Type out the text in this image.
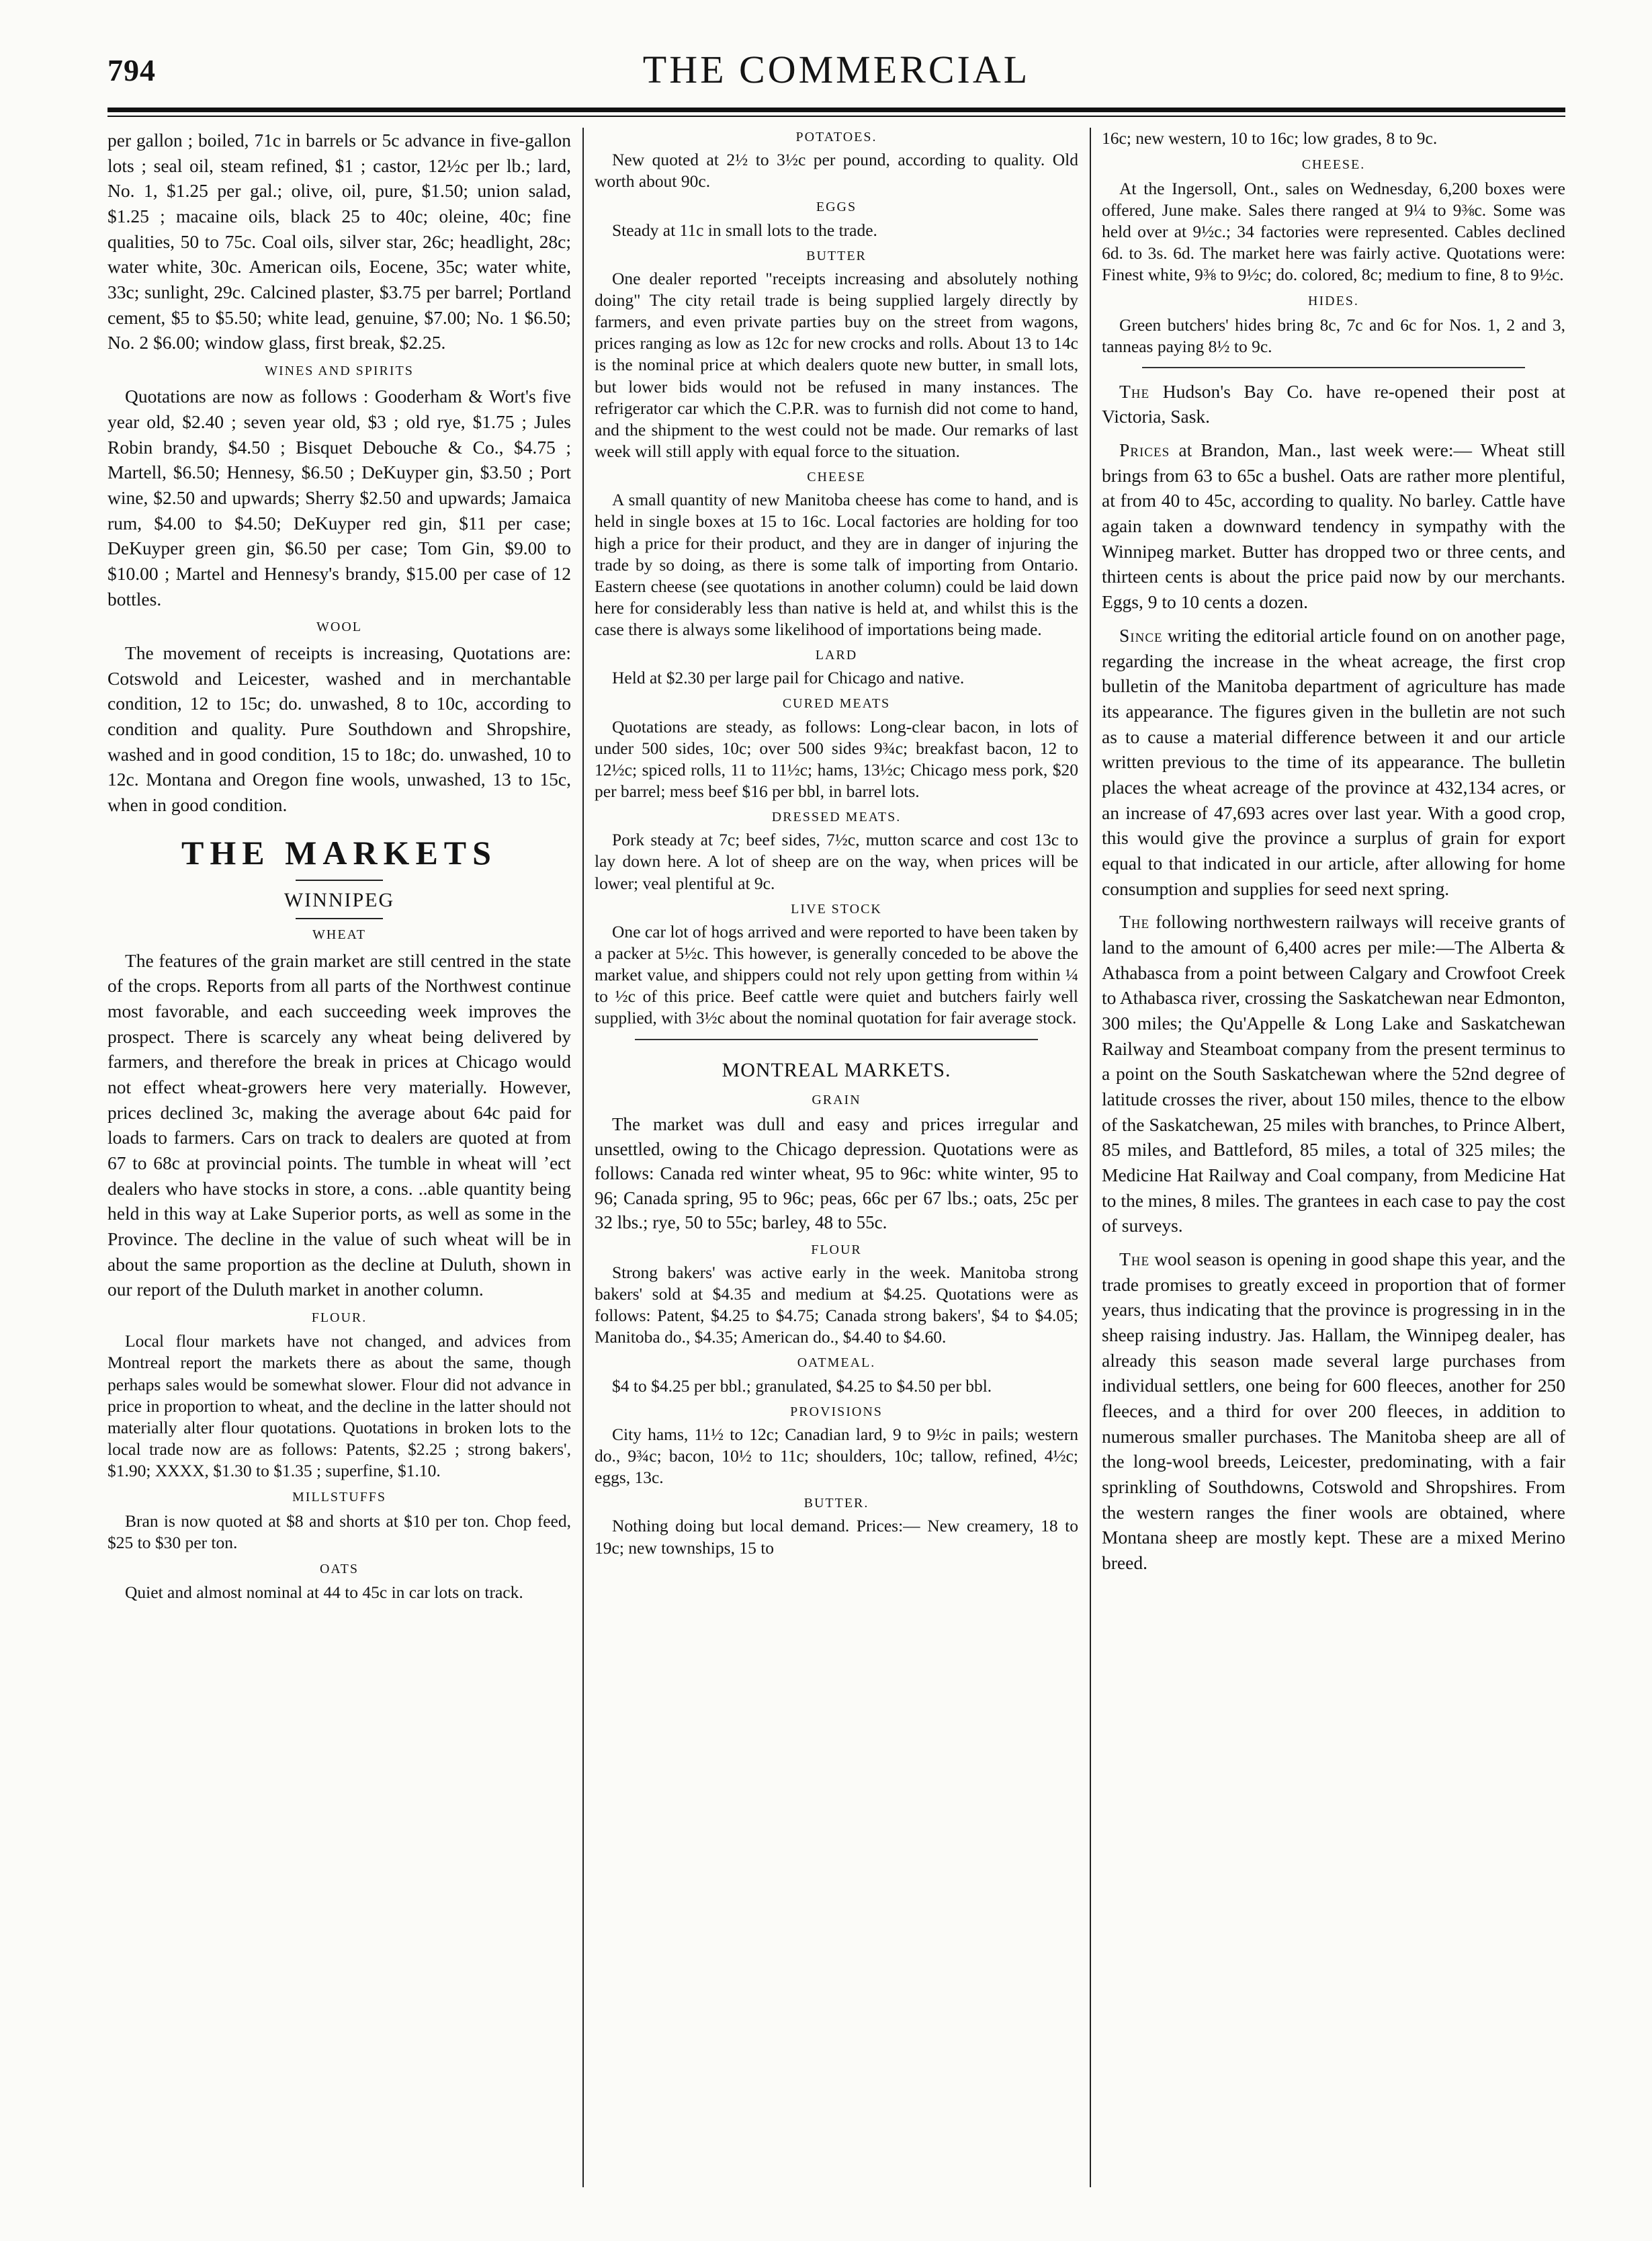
794	THE COMMERCIAL

per gallon ; boiled, 71c in barrels or 5c advance in five-gallon lots ; seal oil, steam refined, $1 ; castor, 12½c per lb.; lard, No. 1, $1.25 per gal.; olive, oil, pure, $1.50; union salad, $1.25 ; macaine oils, black 25 to 40c; oleine, 40c; fine qualities, 50 to 75c. Coal oils, silver star, 26c; headlight, 28c; water white, 30c. American oils, Eocene, 35c; water white, 33c; sunlight, 29c. Calcined plaster, $3.75 per barrel; Portland cement, $5 to $5.50; white lead, genuine, $7.00; No. 1 $6.50; No. 2 $6.00; window glass, first break, $2.25.

WINES AND SPIRITS

Quotations are now as follows : Gooderham & Wort's five year old, $2.40 ; seven year old, $3 ; old rye, $1.75 ; Jules Robin brandy, $4.50 ; Bisquet Debouche & Co., $4.75 ; Martell, $6.50; Hennesy, $6.50 ; DeKuyper gin, $3.50 ; Port wine, $2.50 and upwards; Sherry $2.50 and upwards; Jamaica rum, $4.00 to $4.50; DeKuyper red gin, $11 per case; DeKuyper green gin, $6.50 per case; Tom Gin, $9.00 to $10.00 ; Martel and Hennesy's brandy, $15.00 per case of 12 bottles.

WOOL

The movement of receipts is increasing, Quotations are: Cotswold and Leicester, washed and in merchantable condition, 12 to 15c; do. unwashed, 8 to 10c, according to condition and quality. Pure Southdown and Shropshire, washed and in good condition, 15 to 18c; do. unwashed, 10 to 12c. Montana and Oregon fine wools, unwashed, 13 to 15c, when in good condition.

THE MARKETS
WINNIPEG
WHEAT

The features of the grain market are still centred in the state of the crops. Reports from all parts of the Northwest continue most favorable, and each succeeding week improves the prospect. There is scarcely any wheat being delivered by farmers, and therefore the break in prices at Chicago would not effect wheat-growers here very materially. However, prices declined 3c, making the average about 64c paid for loads to farmers. Cars on track to dealers are quoted at from 67 to 68c at provincial points. The tumble in wheat will ʼect dealers who have stocks in store, a cons. ..able quantity being held in this way at Lake Superior ports, as well as some in the Province. The decline in the value of such wheat will be in about the same proportion as the decline at Duluth, shown in our report of the Duluth market in another column.

FLOUR.

Local flour markets have not changed, and advices from Montreal report the markets there as about the same, though perhaps sales would be somewhat slower. Flour did not advance in price in proportion to wheat, and the decline in the latter should not materially alter flour quotations. Quotations in broken lots to the local trade now are as follows: Patents, $2.25 ; strong bakers', $1.90; XXXX, $1.30 to $1.35 ; superfine, $1.10.

MILLSTUFFS

Bran is now quoted at $8 and shorts at $10 per ton. Chop feed, $25 to $30 per ton.

OATS

Quiet and almost nominal at 44 to 45c in car lots on track.

POTATOES.

New quoted at 2½ to 3½c per pound, according to quality. Old worth about 90c.

EGGS

Steady at 11c in small lots to the trade.

BUTTER

One dealer reported "receipts increasing and absolutely nothing doing" The city retail trade is being supplied largely directly by farmers, and even private parties buy on the street from wagons, prices ranging as low as 12c for new crocks and rolls. About 13 to 14c is the nominal price at which dealers quote new butter, in small lots, but lower bids would not be refused in many instances. The refrigerator car which the C.P.R. was to furnish did not come to hand, and the shipment to the west could not be made. Our remarks of last week will still apply with equal force to the situation.

CHEESE

A small quantity of new Manitoba cheese has come to hand, and is held in single boxes at 15 to 16c. Local factories are holding for too high a price for their product, and they are in danger of injuring the trade by so doing, as there is some talk of importing from Ontario. Eastern cheese (see quotations in another column) could be laid down here for considerably less than native is held at, and whilst this is the case there is always some likelihood of importations being made.

LARD

Held at $2.30 per large pail for Chicago and native.

CURED MEATS

Quotations are steady, as follows: Long-clear bacon, in lots of under 500 sides, 10c; over 500 sides 9¾c; breakfast bacon, 12 to 12½c; spiced rolls, 11 to 11½c; hams, 13½c; Chicago mess pork, $20 per barrel; mess beef $16 per bbl, in barrel lots.

DRESSED MEATS.

Pork steady at 7c; beef sides, 7½c, mutton scarce and cost 13c to lay down here. A lot of sheep are on the way, when prices will be lower; veal plentiful at 9c.

LIVE STOCK

One car lot of hogs arrived and were reported to have been taken by a packer at 5½c. This however, is generally conceded to be above the market value, and shippers could not rely upon getting from within ¼ to ½c of this price. Beef cattle were quiet and butchers fairly well supplied, with 3½c about the nominal quotation for fair average stock.

MONTREAL MARKETS.
GRAIN

The market was dull and easy and prices irregular and unsettled, owing to the Chicago depression. Quotations were as follows: Canada red winter wheat, 95 to 96c: white winter, 95 to 96; Canada spring, 95 to 96c; peas, 66c per 67 lbs.; oats, 25c per 32 lbs.; rye, 50 to 55c; barley, 48 to 55c.

FLOUR

Strong bakers' was active early in the week. Manitoba strong bakers' sold at $4.35 and medium at $4.25. Quotations were as follows: Patent, $4.25 to $4.75; Canada strong bakers', $4 to $4.05; Manitoba do., $4.35; American do., $4.40 to $4.60.

OATMEAL.

$4 to $4.25 per bbl.; granulated, $4.25 to $4.50 per bbl.

PROVISIONS

City hams, 11½ to 12c; Canadian lard, 9 to 9½c in pails; western do., 9¾c; bacon, 10½ to 11c; shoulders, 10c; tallow, refined, 4½c; eggs, 13c.

BUTTER.

Nothing doing but local demand. Prices:— New creamery, 18 to 19c; new townships, 15 to

16c; new western, 10 to 16c; low grades, 8 to 9c.

CHEESE.

At the Ingersoll, Ont., sales on Wednesday, 6,200 boxes were offered, June make. Sales there ranged at 9¼ to 9⅜c. Some was held over at 9½c.; 34 factories were represented. Cables declined 6d. to 3s. 6d. The market here was fairly active. Quotations were: Finest white, 9⅜ to 9½c; do. colored, 8c; medium to fine, 8 to 9½c.

HIDES.

Green butchers' hides bring 8c, 7c and 6c for Nos. 1, 2 and 3, tanneas paying 8½ to 9c.

The Hudson's Bay Co. have re-opened their post at Victoria, Sask.

Prices at Brandon, Man., last week were:— Wheat still brings from 63 to 65c a bushel. Oats are rather more plentiful, at from 40 to 45c, according to quality. No barley. Cattle have again taken a downward tendency in sympathy with the Winnipeg market. Butter has dropped two or three cents, and thirteen cents is about the price paid now by our merchants. Eggs, 9 to 10 cents a dozen.

Since writing the editorial article found on on another page, regarding the increase in the wheat acreage, the first crop bulletin of the Manitoba department of agriculture has made its appearance. The figures given in the bulletin are not such as to cause a material difference between it and our article written previous to the time of its appearance. The bulletin places the wheat acreage of the province at 432,134 acres, or an increase of 47,693 acres over last year. With a good crop, this would give the province a surplus of grain for export equal to that indicated in our article, after allowing for home consumption and supplies for seed next spring.

The following northwestern railways will receive grants of land to the amount of 6,400 acres per mile:—The Alberta & Athabasca from a point between Calgary and Crowfoot Creek to Athabasca river, crossing the Saskatchewan near Edmonton, 300 miles; the Qu'Appelle & Long Lake and Saskatchewan Railway and Steamboat company from the present terminus to a point on the South Saskatchewan where the 52nd degree of latitude crosses the river, about 150 miles, thence to the elbow of the Saskatchewan, 25 miles with branches, to Prince Albert, 85 miles, and Battleford, 85 miles, a total of 325 miles; the Medicine Hat Railway and Coal company, from Medicine Hat to the mines, 8 miles. The grantees in each case to pay the cost of surveys.

The wool season is opening in good shape this year, and the trade promises to greatly exceed in proportion that of former years, thus indicating that the province is progressing in in the sheep raising industry. Jas. Hallam, the Winnipeg dealer, has already this season made several large purchases from individual settlers, one being for 600 fleeces, another for 250 fleeces, and a third for over 200 fleeces, in addition to numerous smaller purchases. The Manitoba sheep are all of the long-wool breeds, Leicester, predominating, with a fair sprinkling of Southdowns, Cotswold and Shropshires. From the western ranges the finer wools are obtained, where Montana sheep are mostly kept. These are a mixed Merino breed.
